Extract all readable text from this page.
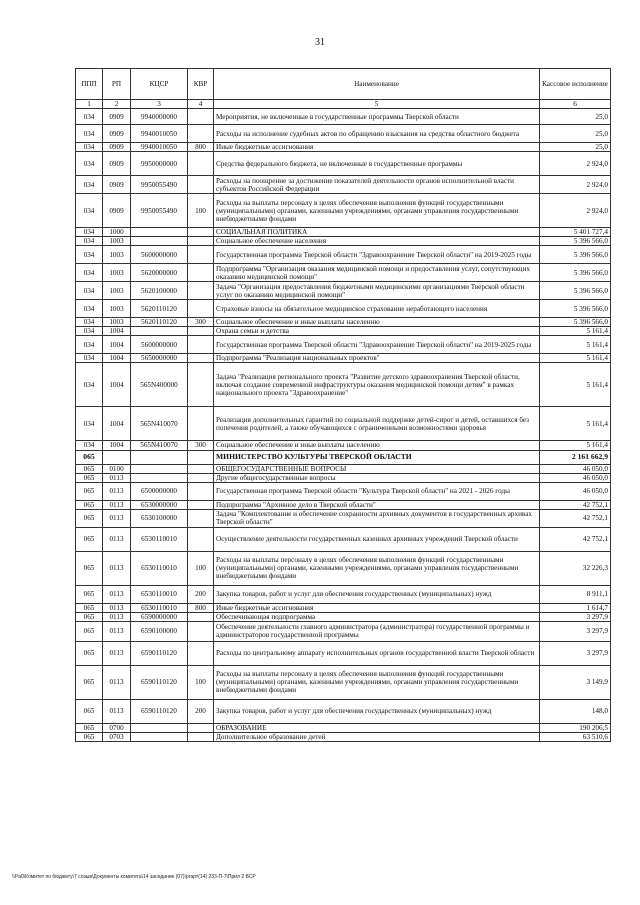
31
ППП	РП	КЦСР	КВР	Наименование	Кассовое исполнение
1	2	3	4	5	6
034	0909	9940000000		Мероприятия, не включенные в государственные программы Тверской области	25,0
034	0909	9940010050		Расходы на исполнение судебных актов по обращению взыскания на средства областного бюджета	25,0
034	0909	9940010050	800	Иные бюджетные ассигнования	25,0
034	0909	9950000000		Средства федерального бюджета, не включенные в государственные программы	2 924,0
034	0909	9950055490		Расходы на поощрение за достижение показателей деятельности органов исполнительной власти субъектов Российской Федерации	2 924,0
034	0909	9950055490	100	Расходы на выплаты персоналу в целях обеспечения выполнения функций государственными (муниципальными) органами, казенными учреждениями, органами управления государственными внебюджетными фондами	2 924,0
034	1000			СОЦИАЛЬНАЯ ПОЛИТИКА	5 401 727,4
034	1003			Социальное обеспечение населения	5 396 566,0
034	1003	5600000000		Государственная программа Тверской области "Здравоохранение Тверской области" на 2019-2025 годы	5 396 566,0
034	1003	5620000000		Подпрограмма "Организация оказания медицинской помощи и предоставления услуг, сопутствующих оказанию медицинской помощи"	5 396 566,0
034	1003	5620100000		Задача "Организация предоставления бюджетными медицинскими организациями Тверской области услуг по оказанию медицинской помощи"	5 396 566,0
034	1003	5620110120		Страховые взносы на обязательное медицинское страхование неработающего населения	5 396 566,0
034	1003	5620110120	300	Социальное обеспечение и иные выплаты населению	5 396 566,0
034	1004			Охрана семьи и детства	5 161,4
034	1004	5600000000		Государственная программа Тверской области "Здравоохранение Тверской области" на 2019-2025 годы	5 161,4
034	1004	5650000000		Подпрограмма "Реализация национальных проектов"	5 161,4
034	1004	565N400000		Задача "Реализация регионального проекта "Развитие детского здравоохранения Тверской области, включая создание современной инфраструктуры оказания медицинской помощи детям" в рамках национального проекта "Здравоохранение"	5 161,4
034	1004	565N410070		Реализация дополнительных гарантий по социальной поддержке детей-сирот и детей, оставшихся без попечения родителей, а также обучающихся с ограниченными возможностями здоровья	5 161,4
034	1004	565N410070	300	Социальное обеспечение и иные выплаты населению	5 161,4
065				МИНИСТЕРСТВО КУЛЬТУРЫ ТВЕРСКОЙ ОБЛАСТИ	2 161 662,9
065	0100			ОБЩЕГОСУДАРСТВЕННЫЕ ВОПРОСЫ	46 050,0
065	0113			Другие общегосударственные вопросы	46 050,0
065	0113	6500000000		Государственная программа Тверской области "Культура Тверской области" на 2021 - 2026 годы	46 050,0
065	0113	6530000000		Подпрограмма "Архивное дело в Тверской области"	42 752,1
065	0113	6530100000		Задача "Комплектование и обеспечение сохранности архивных документов в государственных архивах Тверской области"	42 752,1
065	0113	6530110010		Осуществление деятельности государственных казенных архивных учреждений Тверской области	42 752,1
065	0113	6530110010	100	Расходы на выплаты персоналу в целях обеспечения выполнения функций государственными (муниципальными) органами, казенными учреждениями, органами управления государственными внебюджетными фондами	32 226,3
065	0113	6530110010	200	Закупка товаров, работ и услуг для обеспечения государственных (муниципальных) нужд	8 911,1
065	0113	6530110010	800	Иные бюджетные ассигнования	1 614,7
065	0113	6590000000		Обеспечивающая подпрограмма	3 297,9
065	0113	6590100000		Обеспечение деятельности главного администратора (администратора) государственной программы и администраторов государственной программы	3 297,9
065	0113	6590110120		Расходы по центральному аппарату исполнительных органов государственной власти Тверской области	3 297,9
065	0113	6590110120	100	Расходы на выплаты персоналу в целях обеспечения выполнения функций государственными (муниципальными) органами, казенными учреждениями, органами управления государственными внебюджетными фондами	3 149,9
065	0113	6590110120	200	Закупка товаров, работ и услуг для обеспечения государственных (муниципальных) нужд	148,0
065	0700			ОБРАЗОВАНИЕ	190 206,5
065	0703			Дополнительное образование детей	63 510,6
\\Pa0\Комитет по бюджету\7 созыв\Документы комитета\14 заседание (07)\ргарт(14) 233-П-7\Прил 2 ВСР
